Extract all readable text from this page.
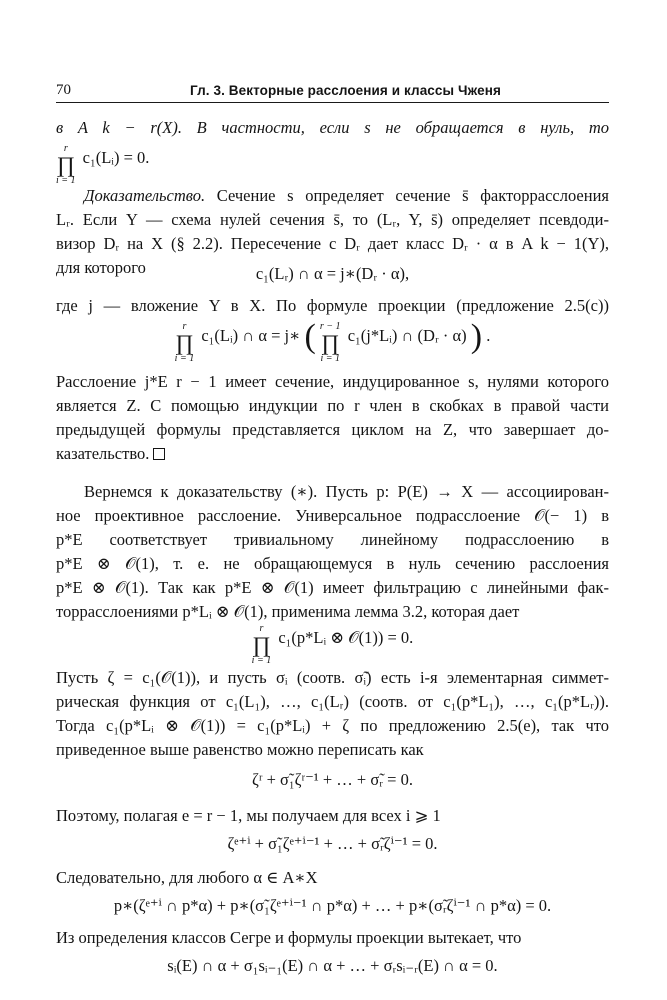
70	Гл. 3. Векторные расслоения и классы Чженя
в A k − r(X). В частности, если s не обращается в нуль, то
r
∏
i = 1
c₁(Lᵢ) = 0.
Доказательство. Сечение s определяет сечение s̄ факторрасслоения
Lᵣ. Если Y — схема нулей сечения s̄, то (Lᵣ, Y, s̄) определяет псевдоди-
визор Dᵣ на X (§ 2.2). Пересечение с Dᵣ дает класс Dᵣ · α в A k − 1(Y),
для которого	c₁(Lᵣ) ∩ α = j∗(Dᵣ · α),
где j — вложение Y в X. По формуле проекции (предложение 2.5(c))
r
∏
i = 1
c₁(Lᵢ) ∩ α = j∗ ( r − 1
∏
i = 1
c₁(j*Lᵢ) ∩ (Dᵣ · α) ) .
Расслоение j*E r − 1 имеет сечение, индуцированное s, нулями которого
является Z. С помощью индукции по r член в скобках в правой части
предыдущей формулы представляется циклом на Z, что завершает до-
казательство.
Вернемся к доказательству (∗). Пусть p: P(E) → X — ассоциирован-
ное проективное расслоение. Универсальное подрасслоение 𝒪(− 1) в
p*E соответствует тривиальному линейному подрасслоению в
p*E ⊗ 𝒪(1), т. е. не обращающемуся в нуль сечению расслоения
p*E ⊗ 𝒪(1). Так как p*E ⊗ 𝒪(1) имеет фильтрацию с линейными фак-
торрасслоениями p*Lᵢ ⊗ 𝒪(1), применима лемма 3.2, которая дает
r
∏
i = 1
c₁(p*Lᵢ ⊗ 𝒪(1)) = 0.
Пусть ζ = c₁(𝒪(1)), и пусть σᵢ (соотв. σ̃ᵢ) есть i-я элементарная симмет-
рическая функция от c₁(L₁), …, c₁(Lᵣ) (соотв. от c₁(p*L₁), …, c₁(p*Lᵣ)).
Тогда c₁(p*Lᵢ ⊗ 𝒪(1)) = c₁(p*Lᵢ) + ζ по предложению 2.5(e), так что
приведенное выше равенство можно переписать как
ζʳ + σ̃₁ζʳ⁻¹ + … + σ̃ᵣ = 0.
Поэтому, полагая e = r − 1, мы получаем для всех i ⩾ 1
ζᵉ⁺ⁱ + σ̃₁ζᵉ⁺ⁱ⁻¹ + … + σ̃ᵣζⁱ⁻¹ = 0.
Следовательно, для любого α ∈ A∗X
p∗(ζᵉ⁺ⁱ ∩ p*α) + p∗(σ̃₁ζᵉ⁺ⁱ⁻¹ ∩ p*α) + … + p∗(σ̃ᵣζⁱ⁻¹ ∩ p*α) = 0.
Из определения классов Сегре и формулы проекции вытекает, что
sᵢ(E) ∩ α + σ₁sᵢ₋₁(E) ∩ α + … + σᵣsᵢ₋ᵣ(E) ∩ α = 0.
